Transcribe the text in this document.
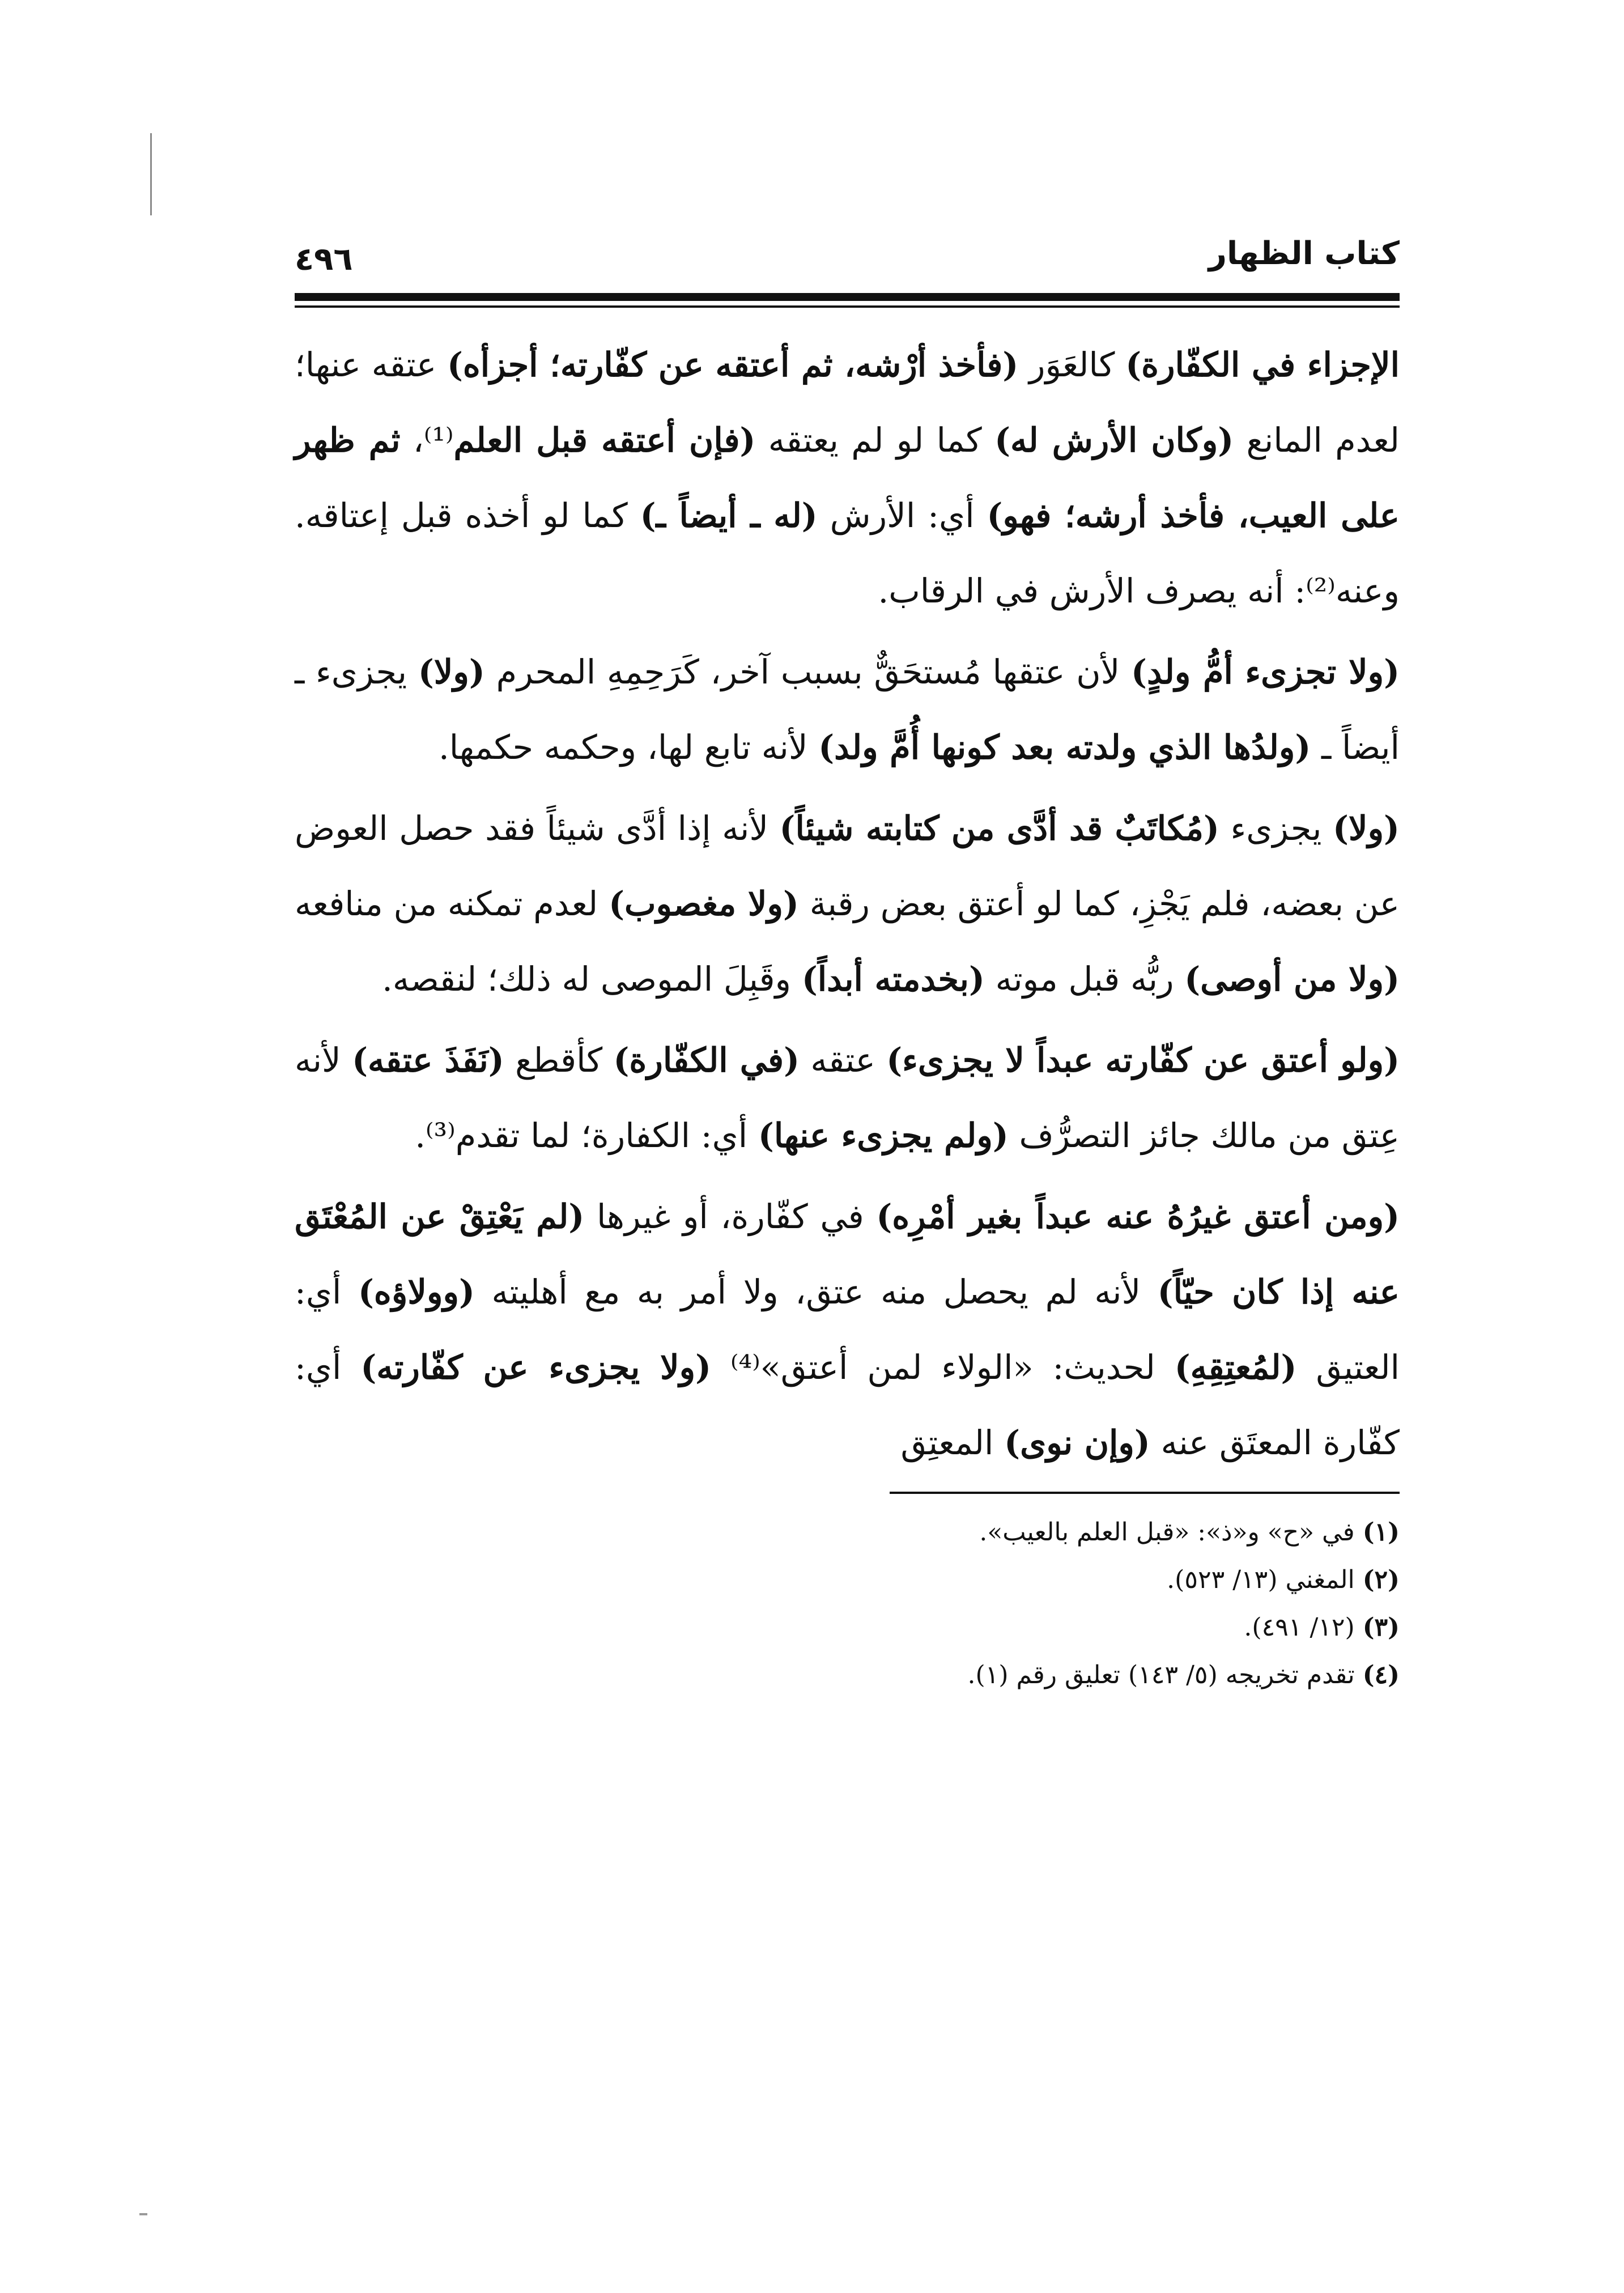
كتاب الظهار
٤٩٦

الإجزاء في الكفّارة) كالعَوَر (فأخذ أرْشه، ثم أعتقه عن كفّارته؛ أجزأه) عتقه عنها؛ لعدم المانع (وكان الأرش له) كما لو لم يعتقه (فإن أعتقه قبل العلم⁽¹⁾، ثم ظهر على العيب، فأخذ أرشه؛ فهو) أي: الأرش (له ـ أيضاً ـ) كما لو أخذه قبل إعتاقه. وعنه⁽²⁾: أنه يصرف الأرش في الرقاب.

(ولا تجزىء أمُّ ولدٍ) لأن عتقها مُستحَقٌّ بسبب آخر، كَرَحِمِهِ المحرم (ولا) يجزىء ـ أيضاً ـ (ولدُها الذي ولدته بعد كونها أُمَّ ولد) لأنه تابع لها، وحكمه حكمها.

(ولا) يجزىء (مُكاتَبٌ قد أدَّى من كتابته شيئاً) لأنه إذا أدَّى شيئاً فقد حصل العوض عن بعضه، فلم يَجْزِ، كما لو أعتق بعض رقبة (ولا مغصوب) لعدم تمكنه من منافعه (ولا من أوصى) ربُّه قبل موته (بخدمته أبداً) وقَبِلَ الموصى له ذلك؛ لنقصه.

(ولو أعتق عن كفّارته عبداً لا يجزىء) عتقه (في الكفّارة) كأقطع (نَفَذَ عتقه) لأنه عِتق من مالك جائز التصرُّف (ولم يجزىء عنها) أي: الكفارة؛ لما تقدم⁽³⁾.

(ومن أعتق غيرُهُ عنه عبداً بغير أمْرِه) في كفّارة، أو غيرها (لم يَعْتِقْ عن المُعْتَق عنه إذا كان حيّاً) لأنه لم يحصل منه عتق، ولا أمر به مع أهليته (وولاؤه) أي: العتيق (لمُعتِقِهِ) لحديث: «الولاء لمن أعتق»⁽⁴⁾ (ولا يجزىء عن كفّارته) أي: كفّارة المعتَق عنه (وإن نوى) المعتِق

(١) في «ح» و«ذ»: «قبل العلم بالعيب».

(٢) المغني (١٣/ ٥٢٣).

(٣) (١٢/ ٤٩١).

(٤) تقدم تخريجه (٥/ ١٤٣) تعليق رقم (١).
